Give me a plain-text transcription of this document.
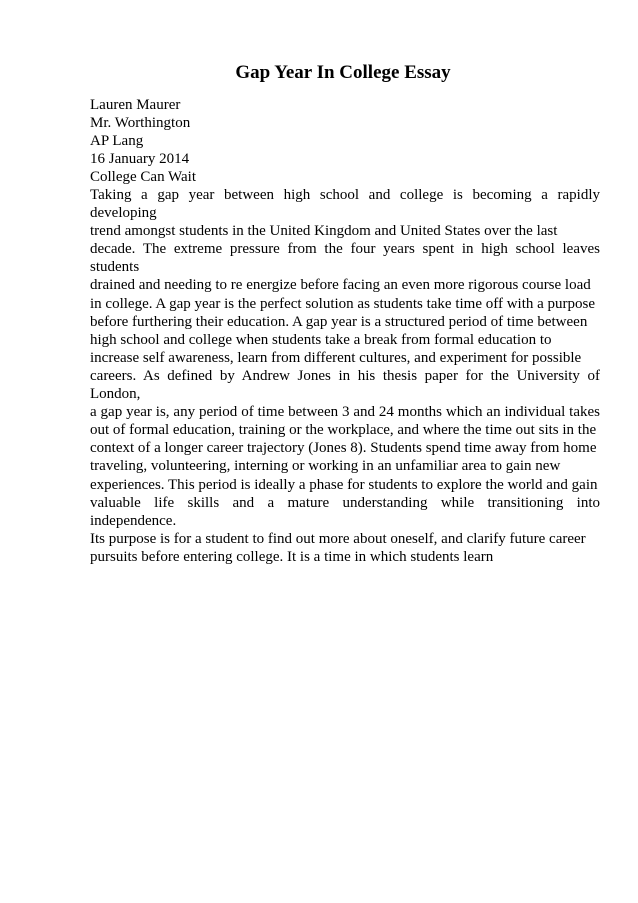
Gap Year In College Essay
Lauren Maurer
Mr. Worthington
AP Lang
16 January 2014
College Can Wait
Taking a gap year between high school and college is becoming a rapidly developing
trend amongst students in the United Kingdom and United States over the last
decade. The extreme pressure from the four years spent in high school leaves students
drained and needing to re energize before facing an even more rigorous course load
in college. A gap year is the perfect solution as students take time off with a purpose
before furthering their education. A gap year is a structured period of time between
high school and college when students take a break from formal education to
increase self awareness, learn from different cultures, and experiment for possible
careers. As defined by Andrew Jones in his thesis paper for the University of London,
a gap year is, any period of time between 3 and 24 months which an individual takes
out of formal education, training or the workplace, and where the time out sits in the
context of a longer career trajectory (Jones 8). Students spend time away from home
traveling, volunteering, interning or working in an unfamiliar area to gain new
experiences. This period is ideally a phase for students to explore the world and gain
valuable life skills and a mature understanding while transitioning into independence.
Its purpose is for a student to find out more about oneself, and clarify future career
pursuits before entering college. It is a time in which students learn
